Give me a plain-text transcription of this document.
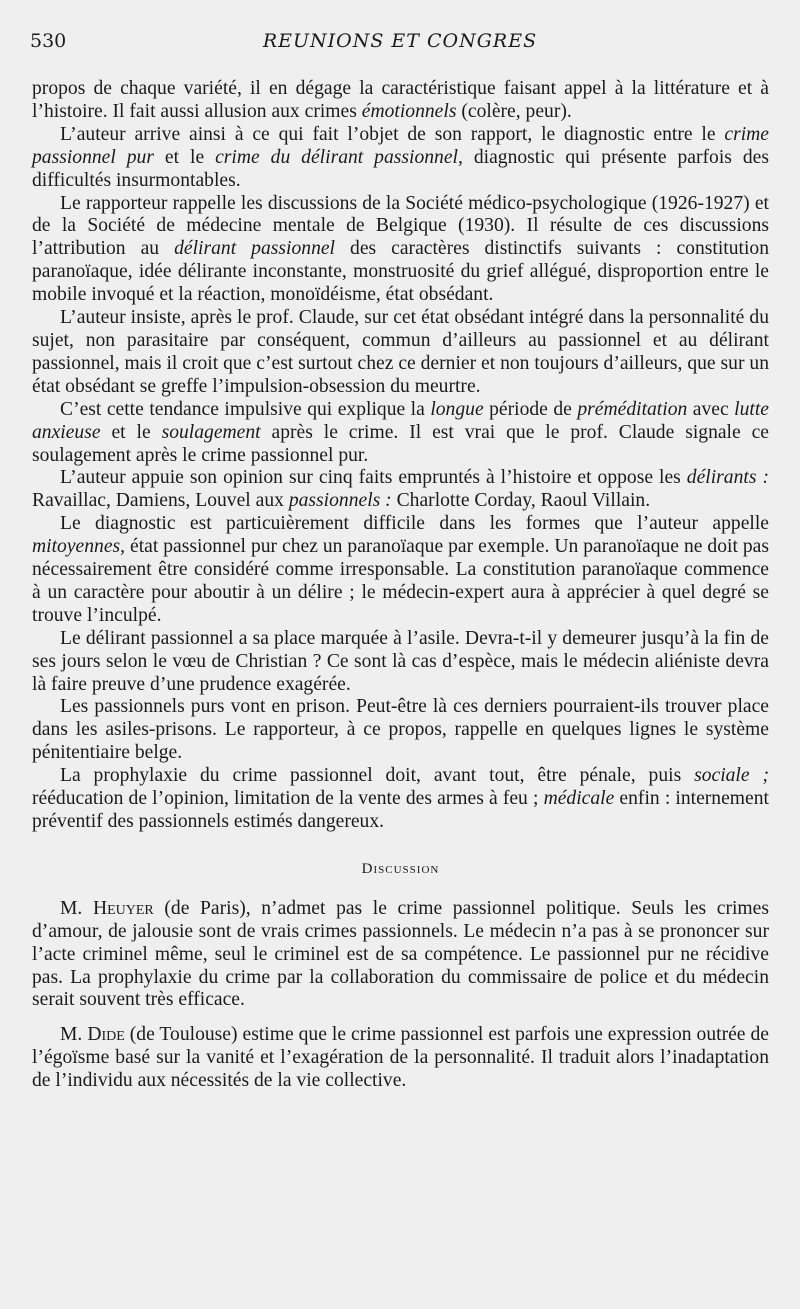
530	REUNIONS ET CONGRES

propos de chaque variété, il en dégage la caractéristique faisant appel à la littérature et à l’histoire. Il fait aussi allusion aux crimes émotionnels (colère, peur).

L’auteur arrive ainsi à ce qui fait l’objet de son rapport, le diagnostic entre le crime passionnel pur et le crime du délirant passionnel, diagnostic qui présente parfois des difficultés insurmontables.

Le rapporteur rappelle les discussions de la Société médico-psychologique (1926-1927) et de la Société de médecine mentale de Belgique (1930). Il résulte de ces discussions l’attribution au délirant passionnel des caractères distinctifs suivants : constitution paranoïaque, idée délirante inconstante, monstruosité du grief allégué, disproportion entre le mobile invoqué et la réaction, monoïdéisme, état obsédant.

L’auteur insiste, après le prof. Claude, sur cet état obsédant intégré dans la personnalité du sujet, non parasitaire par conséquent, commun d’ailleurs au passionnel et au délirant passionnel, mais il croit que c’est surtout chez ce dernier et non toujours d’ailleurs, que sur un état obsédant se greffe l’impulsion-obsession du meurtre.

C’est cette tendance impulsive qui explique la longue période de préméditation avec lutte anxieuse et le soulagement après le crime. Il est vrai que le prof. Claude signale ce soulagement après le crime passionnel pur.

L’auteur appuie son opinion sur cinq faits empruntés à l’histoire et oppose les délirants : Ravaillac, Damiens, Louvel aux passionnels : Charlotte Corday, Raoul Villain.

Le diagnostic est particuièrement difficile dans les formes que l’auteur appelle mitoyennes, état passionnel pur chez un paranoïaque par exemple. Un paranoïaque ne doit pas nécessairement être considéré comme irresponsable. La constitution paranoïaque commence à un caractère pour aboutir à un délire ; le médecin-expert aura à apprécier à quel degré se trouve l’inculpé.

Le délirant passionnel a sa place marquée à l’asile. Devra-t-il y demeurer jusqu’à la fin de ses jours selon le vœu de Christian ? Ce sont là cas d’espèce, mais le médecin aliéniste devra là faire preuve d’une prudence exagérée.

Les passionnels purs vont en prison. Peut-être là ces derniers pourraient-ils trouver place dans les asiles-prisons. Le rapporteur, à ce propos, rappelle en quelques lignes le système pénitentiaire belge.

La prophylaxie du crime passionnel doit, avant tout, être pénale, puis sociale ; rééducation de l’opinion, limitation de la vente des armes à feu ; médicale enfin : internement préventif des passionnels estimés dangereux.

Discussion

M. Heuyer (de Paris), n’admet pas le crime passionnel politique. Seuls les crimes d’amour, de jalousie sont de vrais crimes passionnels. Le médecin n’a pas à se prononcer sur l’acte criminel même, seul le criminel est de sa compétence. Le passionnel pur ne récidive pas. La prophylaxie du crime par la collaboration du commissaire de police et du médecin serait souvent très efficace.

M. Dide (de Toulouse) estime que le crime passionnel est parfois une expression outrée de l’égoïsme basé sur la vanité et l’exagération de la personnalité. Il traduit alors l’inadaptation de l’individu aux nécessités de la vie collective.
